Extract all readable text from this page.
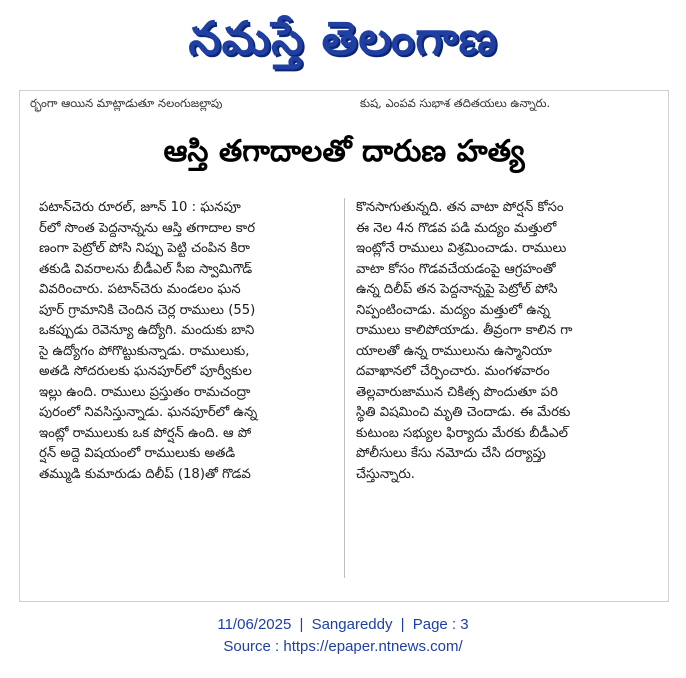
నమస్తే తెలంగాణ
ర్భంగా ఆయిన మాట్లాడుతూ నలంగుజల్లాపు	కుష, ఎంపవ సుభాశ తదితయలు ఉన్నారు.
ఆస్తి తగాదాలతో దారుణ హత్య
పటాన్‌చెరు రూరల్, జూన్ 10 : ఘనపూ
ర్‌లో సొంత పెద్దనాన్నను ఆస్తి తగాదాల కార
ణంగా పెట్రోల్ పోసి నిప్పు పెట్టి చంపిన కిరా
తకుడి వివరాలను బీడీఎల్ సీఐ స్వామిగౌడ్
వివరించారు. పటాన్‌చెరు మండలం ఘన
పూర్ గ్రామానికి చెందిన చెర్ల రాములు (55)
ఒకప్పుడు రెవెన్యూ ఉద్యోగి. మందుకు బాని
సై ఉద్యోగం పోగొట్టుకున్నాడు. రాములుకు,
అతడి సోదరులకు ఘనపూర్‌లో పూర్వీకుల
ఇల్లు ఉంది. రాములు ప్రస్తుతం రామచంద్రా
పురంలో నివసిస్తున్నాడు. ఘనపూర్‌లో ఉన్న
ఇంట్లో రాములుకు ఒక పోర్షన్ ఉంది. ఆ పో
ర్షన్ అద్దె విషయంలో రాములుకు అతడి
తమ్ముడి కుమారుడు దిలీప్ (18)తో గొడవ
కొనసాగుతున్నది. తన వాటా పోర్షన్ కోసం
ఈ నెల 4న గొడవ పడి మద్యం మత్తులో
ఇంట్లోనే రాములు విశ్రమించాడు. రాములు
వాటా కోసం గొడవచేయడంపై ఆగ్రహంతో
ఉన్న దిలీప్ తన పెద్దనాన్నపై పెట్రోల్ పోసి
నిప్పంటించాడు. మద్యం మత్తులో ఉన్న
రాములు కాలిపోయాడు. తీవ్రంగా కాలిన గా
యాలతో ఉన్న రాములును ఉస్మానియా
దవాఖానలో చేర్పించారు. మంగళవారం
తెల్లవారుజామున చికిత్స పొందుతూ పరి
స్థితి విషమించి మృతి చెందాడు. ఈ మేరకు
కుటుంబ సభ్యుల ఫిర్యాదు మేరకు బీడీఎల్
పోలీసులు కేసు నమోదు చేసి దర్యాప్తు
చేస్తున్నారు.
11/06/2025 | Sangareddy | Page : 3
Source : https://epaper.ntnews.com/
